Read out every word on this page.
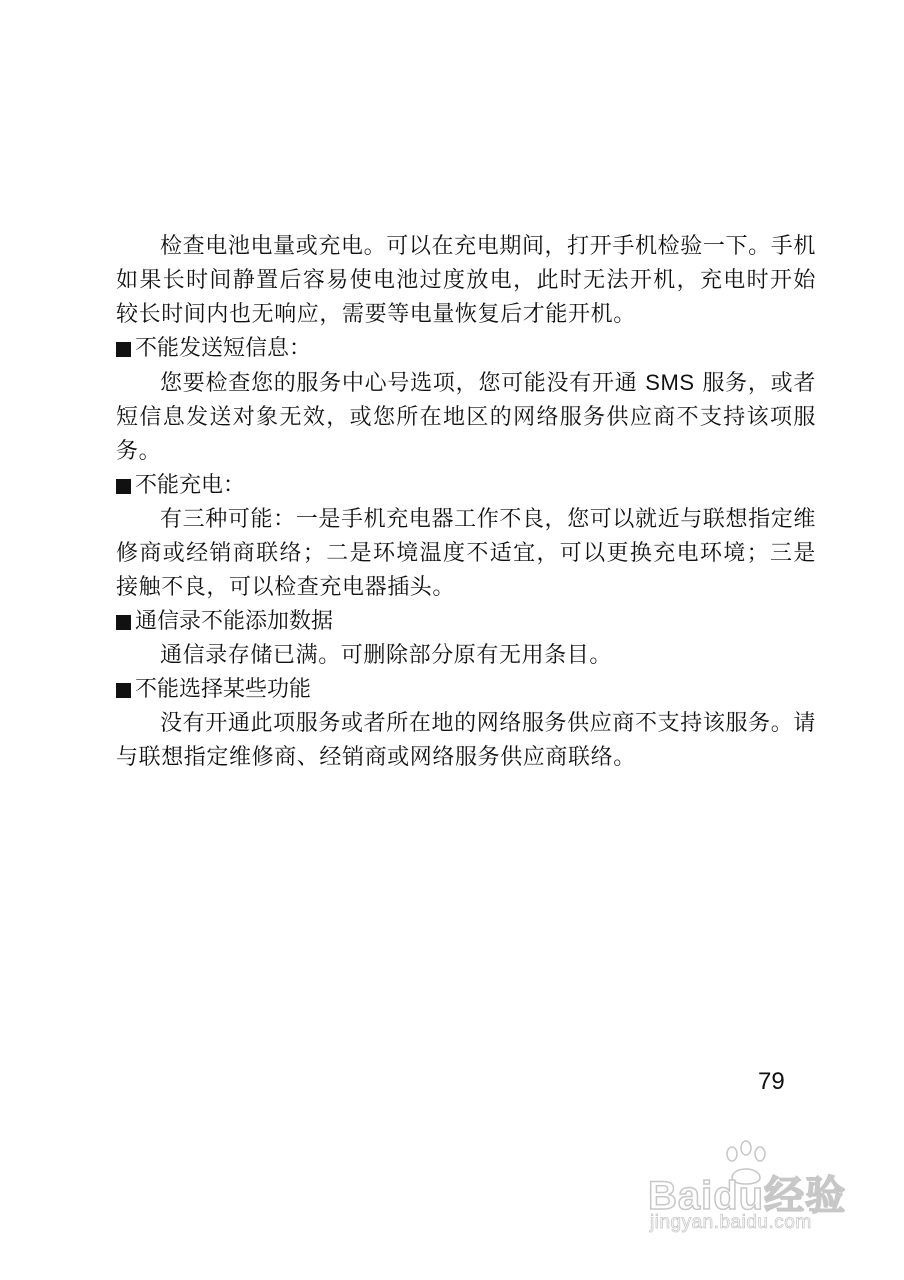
检查电池电量或充电。可以在充电期间，打开手机检验一下。手机如果长时间静置后容易使电池过度放电，此时无法开机，充电时开始较长时间内也无响应，需要等电量恢复后才能开机。

不能发送短信息：

您要检查您的服务中心号选项，您可能没有开通 SMS 服务，或者短信息发送对象无效，或您所在地区的网络服务供应商不支持该项服务。

不能充电：

有三种可能：一是手机充电器工作不良，您可以就近与联想指定维修商或经销商联络；二是环境温度不适宜，可以更换充电环境；三是接触不良，可以检查充电器插头。

通信录不能添加数据

通信录存储已满。可删除部分原有无用条目。

不能选择某些功能

没有开通此项服务或者所在地的网络服务供应商不支持该服务。请与联想指定维修商、经销商或网络服务供应商联络。

79
Baidu经验
jingyan.baidu.com
